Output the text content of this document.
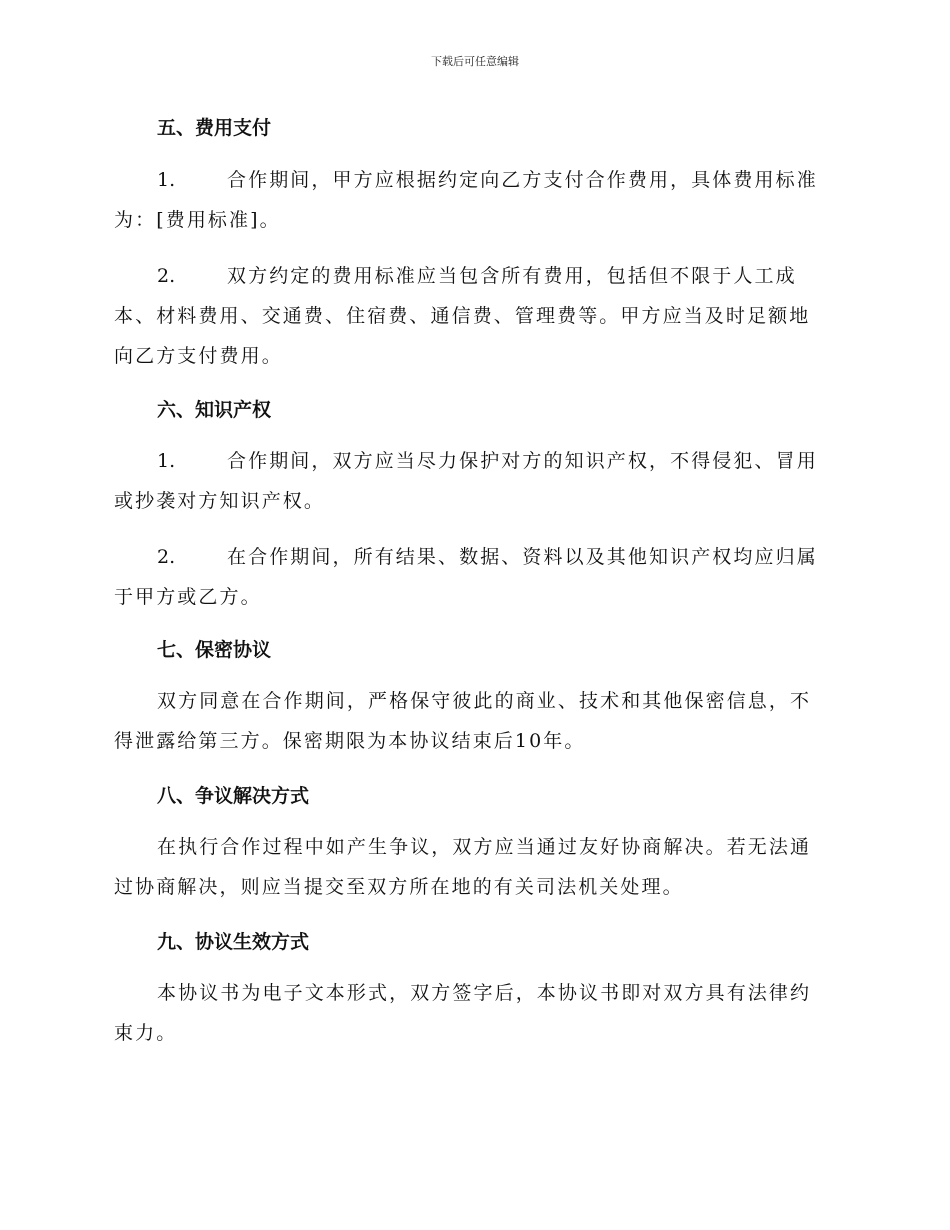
下载后可任意编辑
五、费用支付
1.	合作期间，甲方应根据约定向乙方支付合作费用，具体费用标准
为：[费用标准]。
2.	双方约定的费用标准应当包含所有费用，包括但不限于人工成
本、材料费用、交通费、住宿费、通信费、管理费等。甲方应当及时足额地
向乙方支付费用。
六、知识产权
1.	合作期间，双方应当尽力保护对方的知识产权，不得侵犯、冒用
或抄袭对方知识产权。
2.	在合作期间，所有结果、数据、资料以及其他知识产权均应归属
于甲方或乙方。
七、保密协议
双方同意在合作期间，严格保守彼此的商业、技术和其他保密信息，不
得泄露给第三方。保密期限为本协议结束后10年。
八、争议解决方式
在执行合作过程中如产生争议，双方应当通过友好协商解决。若无法通
过协商解决，则应当提交至双方所在地的有关司法机关处理。
九、协议生效方式
本协议书为电子文本形式，双方签字后，本协议书即对双方具有法律约
束力。
